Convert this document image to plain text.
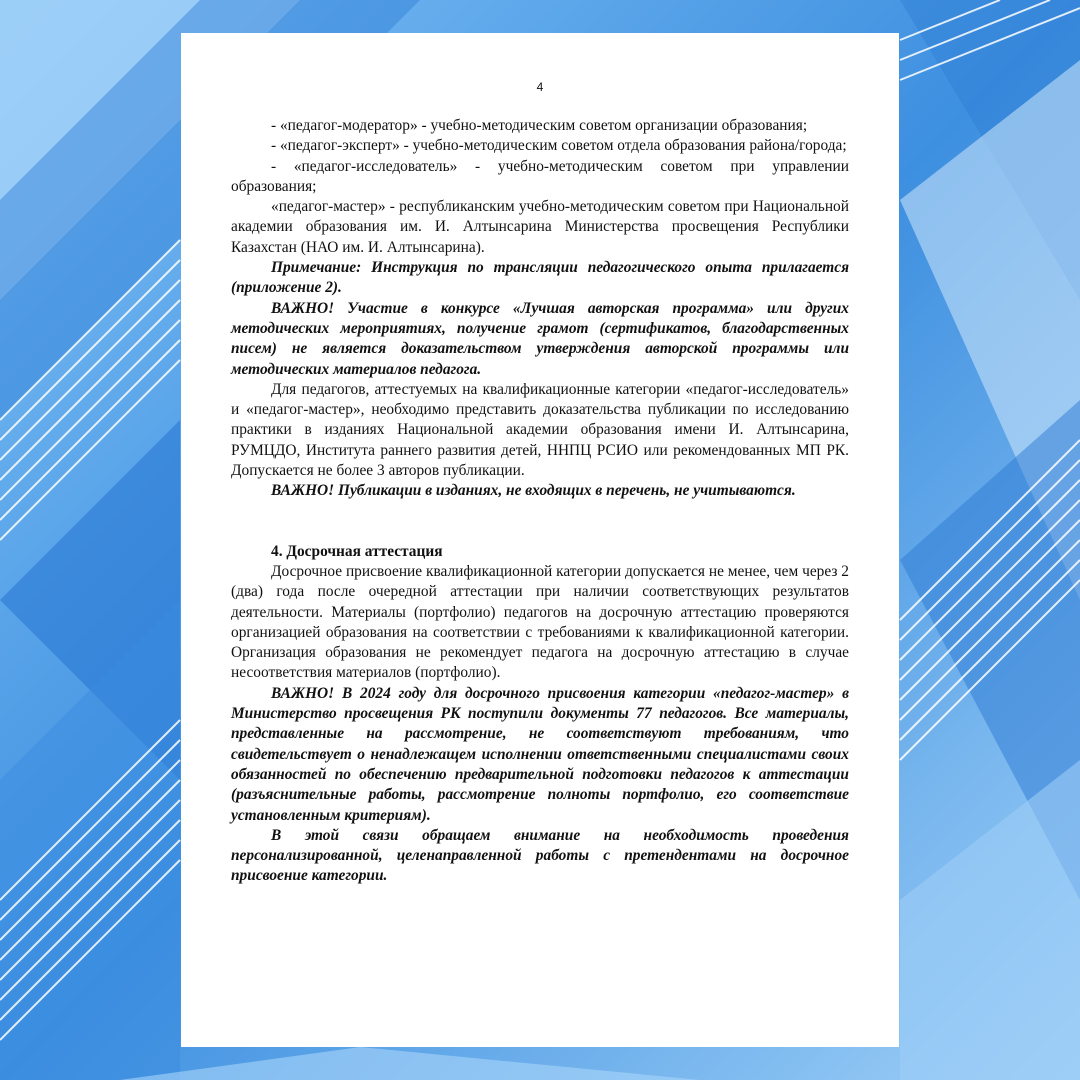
4

- «педагог-модератор» - учебно-методическим советом организации образования;

- «педагог-эксперт» - учебно-методическим советом отдела образования района/города;

- «педагог-исследователь» - учебно-методическим советом при управлении образования;

«педагог-мастер» - республиканским учебно-методическим советом при Национальной академии образования им. И. Алтынсарина Министерства просвещения Республики Казахстан (НАО им. И. Алтынсарина).

Примечание: Инструкция по трансляции педагогического опыта прилагается (приложение 2).

ВАЖНО! Участие в конкурсе «Лучшая авторская программа» или других методических мероприятиях, получение грамот (сертификатов, благодарственных писем) не является доказательством утверждения авторской программы или методических материалов педагога.

Для педагогов, аттестуемых на квалификационные категории «педагог-исследователь» и «педагог-мастер», необходимо представить доказательства публикации по исследованию практики в изданиях Национальной академии образования имени И. Алтынсарина, РУМЦДО, Института раннего развития детей, ННПЦ РСИО или рекомендованных МП РК. Допускается не более 3 авторов публикации.

ВАЖНО! Публикации в изданиях, не входящих в перечень, не учитываются.

4. Досрочная аттестация

Досрочное присвоение квалификационной категории допускается не менее, чем через 2 (два) года после очередной аттестации при наличии соответствующих результатов деятельности. Материалы (портфолио) педагогов на досрочную аттестацию проверяются организацией образования на соответствии с требованиями к квалификационной категории. Организация образования не рекомендует педагога на досрочную аттестацию в случае несоответствия материалов (портфолио).

ВАЖНО! В 2024 году для досрочного присвоения категории «педагог-мастер» в Министерство просвещения РК поступили документы 77 педагогов. Все материалы, представленные на рассмотрение, не соответствуют требованиям, что свидетельствует о ненадлежащем исполнении ответственными специалистами своих обязанностей по обеспечению предварительной подготовки педагогов к аттестации (разъяснительные работы, рассмотрение полноты портфолио, его соответствие установленным критериям).

В этой связи обращаем внимание на необходимость проведения персонализированной, целенаправленной работы с претендентами на досрочное присвоение категории.
